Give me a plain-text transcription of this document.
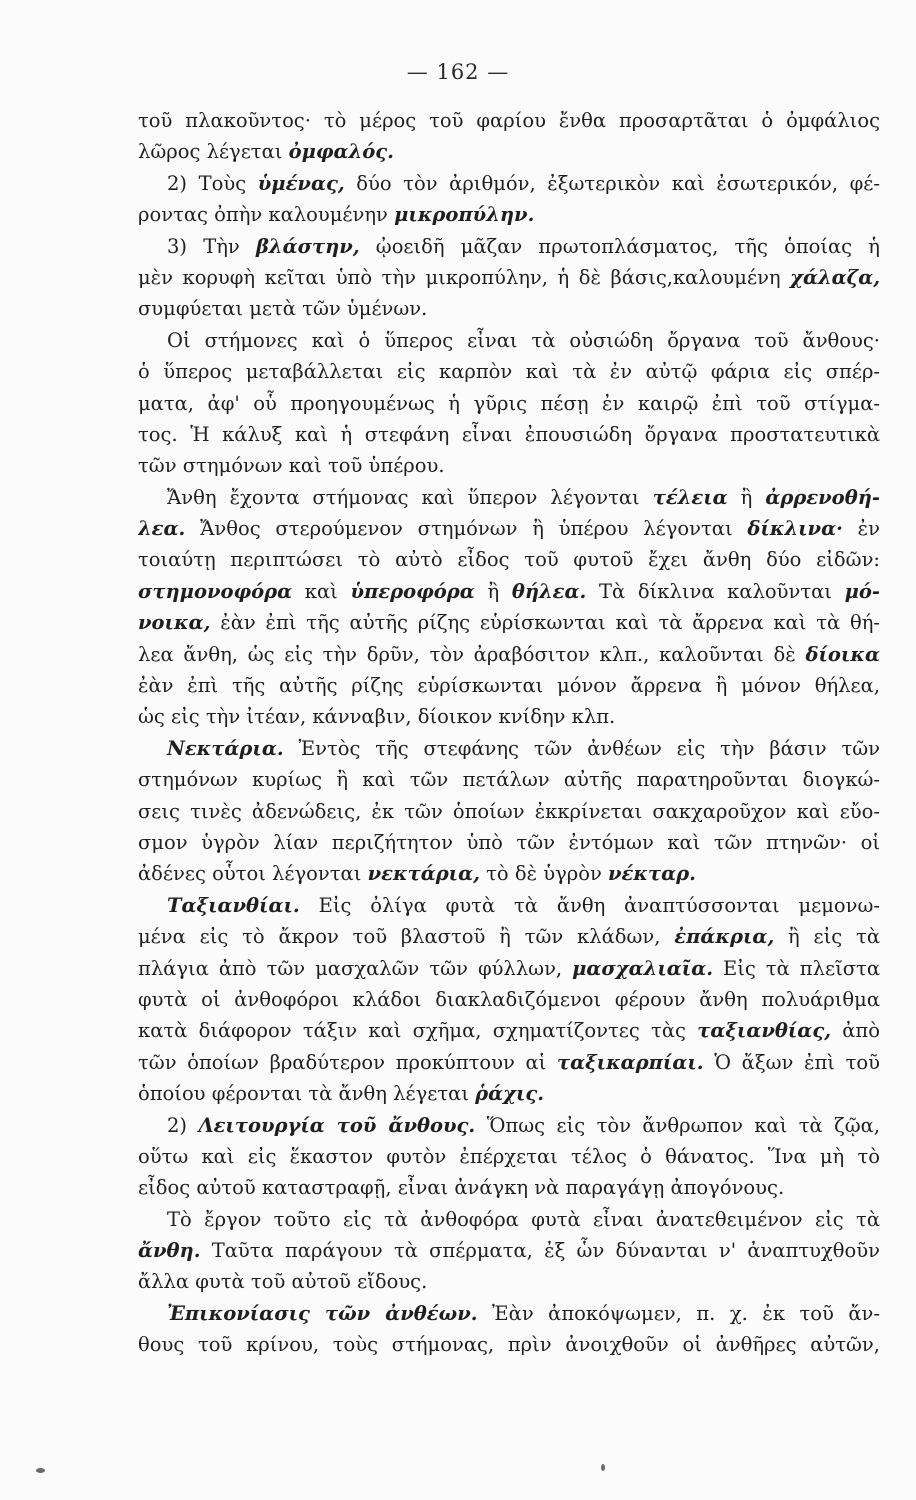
— 162 —
τοῦ πλακοῦντος· τὸ μέρος τοῦ φαρίου ἔνθα προσαρτᾶται ὁ ὀμφάλιος
λῶρος λέγεται ὀμφαλός.
2) Τοὺς ὑμένας, δύο τὸν ἀριθμόν, ἐξωτερικὸν καὶ ἐσωτερικόν, φέ-
ροντας ὀπὴν καλουμένην μικροπύλην.
3) Τὴν βλάστην, ᾠοειδῆ μᾶζαν πρωτοπλάσματος, τῆς ὁποίας ἡ
μὲν κορυφὴ κεῖται ὑπὸ τὴν μικροπύλην, ἡ δὲ βάσις,καλουμένη χάλαζα,
συμφύεται μετὰ τῶν ὑμένων.
Οἱ στήμονες καὶ ὁ ὕπερος εἶναι τὰ οὐσιώδη ὄργανα τοῦ ἄνθους·
ὁ ὕπερος μεταβάλλεται εἰς καρπὸν καὶ τὰ ἐν αὐτῷ φάρια εἰς σπέρ-
ματα, ἀφ' οὗ προηγουμένως ἡ γῦρις πέσῃ ἐν καιρῷ ἐπὶ τοῦ στίγμα-
τος. Ἡ κάλυξ καὶ ἡ στεφάνη εἶναι ἐπουσιώδη ὄργανα προστατευτικὰ
τῶν στημόνων καὶ τοῦ ὑπέρου.
Ἄνθη ἔχοντα στήμονας καὶ ὕπερον λέγονται τέλεια ἢ ἀρρενοθή-
λεα. Ἄνθος στερούμενον στημόνων ἢ ὑπέρου λέγονται δίκλινα· ἐν
τοιαύτῃ περιπτώσει τὸ αὐτὸ εἶδος τοῦ φυτοῦ ἔχει ἄνθη δύο εἰδῶν:
στημονοφόρα καὶ ὑπεροφόρα ἢ θήλεα. Τὰ δίκλινα καλοῦνται μό-
νοικα, ἐὰν ἐπὶ τῆς αὐτῆς ρίζης εὑρίσκωνται καὶ τὰ ἄρρενα καὶ τὰ θή-
λεα ἄνθη, ὡς εἰς τὴν δρῦν, τὸν ἀραβόσιτον κλπ., καλοῦνται δὲ δίοικα
ἐὰν ἐπὶ τῆς αὐτῆς ρίζης εὑρίσκωνται μόνον ἄρρενα ἢ μόνον θήλεα,
ὡς εἰς τὴν ἰτέαν, κάνναβιν, δίοικον κνίδην κλπ.
Νεκτάρια. Ἐντὸς τῆς στεφάνης τῶν ἀνθέων εἰς τὴν βάσιν τῶν
στημόνων κυρίως ἢ καὶ τῶν πετάλων αὐτῆς παρατηροῦνται διογκώ-
σεις τινὲς ἀδενώδεις, ἐκ τῶν ὁποίων ἐκκρίνεται σακχαροῦχον καὶ εὔο-
σμον ὑγρὸν λίαν περιζήτητον ὑπὸ τῶν ἐντόμων καὶ τῶν πτηνῶν· οἱ
ἀδένες οὗτοι λέγονται νεκτάρια, τὸ δὲ ὑγρὸν νέκταρ.
Ταξιανθίαι. Εἰς ὀλίγα φυτὰ τὰ ἄνθη ἀναπτύσσονται μεμονω-
μένα εἰς τὸ ἄκρον τοῦ βλαστοῦ ἢ τῶν κλάδων, ἐπάκρια, ἢ εἰς τὰ
πλάγια ἀπὸ τῶν μασχαλῶν τῶν φύλλων, μασχαλιαῖα. Εἰς τὰ πλεῖστα
φυτὰ οἱ ἀνθοφόροι κλάδοι διακλαδιζόμενοι φέρουν ἄνθη πολυάριθμα
κατὰ διάφορον τάξιν καὶ σχῆμα, σχηματίζοντες τὰς ταξιανθίας, ἀπὸ
τῶν ὁποίων βραδύτερον προκύπτουν αἱ ταξικαρπίαι. Ὁ ἄξων ἐπὶ τοῦ
ὁποίου φέρονται τὰ ἄνθη λέγεται ῥάχις.
2) Λειτουργία τοῦ ἄνθους. Ὅπως εἰς τὸν ἄνθρωπον καὶ τὰ ζῷα,
οὕτω καὶ εἰς ἕκαστον φυτὸν ἐπέρχεται τέλος ὁ θάνατος. Ἵνα μὴ τὸ
εἶδος αὐτοῦ καταστραφῇ, εἶναι ἀνάγκη νὰ παραγάγῃ ἀπογόνους.
Τὸ ἔργον τοῦτο εἰς τὰ ἀνθοφόρα φυτὰ εἶναι ἀνατεθειμένον εἰς τὰ
ἄνθη. Ταῦτα παράγουν τὰ σπέρματα, ἐξ ὧν δύνανται ν' ἀναπτυχθοῦν
ἄλλα φυτὰ τοῦ αὐτοῦ εἴδους.
Ἐπικονίασις τῶν ἀνθέων. Ἐὰν ἀποκόψωμεν, π. χ. ἐκ τοῦ ἄν-
θους τοῦ κρίνου, τοὺς στήμονας, πρὶν ἀνοιχθοῦν οἱ ἀνθῆρες αὐτῶν,
